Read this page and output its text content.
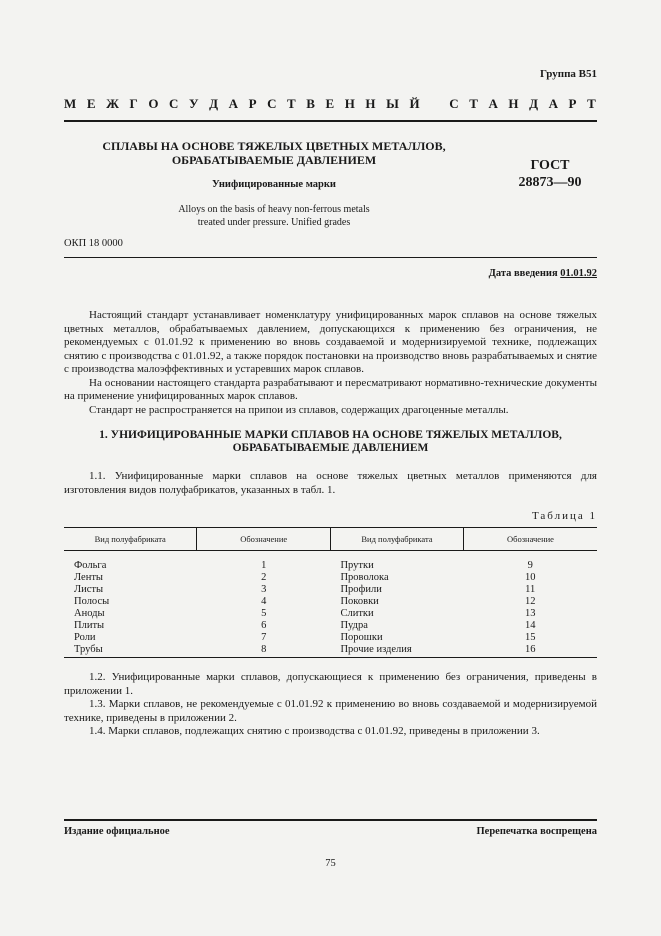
Группа В51
М Е Ж Г О С У Д А Р С Т В Е Н Н Ы Й С Т А Н Д А Р Т
СПЛАВЫ НА ОСНОВЕ ТЯЖЕЛЫХ ЦВЕТНЫХ МЕТАЛЛОВ,
ОБРАБАТЫВАЕМЫЕ ДАВЛЕНИЕМ
Унифицированные марки
Alloys on the basis of heavy non-ferrous metals
treated under pressure. Unified grades
ГОСТ
28873—90
ОКП 18 0000
Дата введения 01.01.92

Настоящий стандарт устанавливает номенклатуру унифицированных марок сплавов на основе тяжелых цветных металлов, обрабатываемых давлением, допускающихся к применению без ограничения, не рекомендуемых с 01.01.92 к применению во вновь создаваемой и модернизируемой технике, подлежащих снятию с производства с 01.01.92, а также порядок постановки на производство вновь разрабатываемых и снятие с производства малоэффективных и устаревших марок сплавов.

На основании настоящего стандарта разрабатывают и пересматривают нормативно-технические документы на применение унифицированных марок сплавов.

Стандарт не распространяется на припои из сплавов, содержащих драгоценные металлы.

1. УНИФИЦИРОВАННЫЕ МАРКИ СПЛАВОВ НА ОСНОВЕ ТЯЖЕЛЫХ МЕТАЛЛОВ,
ОБРАБАТЫВАЕМЫЕ ДАВЛЕНИЕМ

1.1. Унифицированные марки сплавов на основе тяжелых цветных металлов применяются для изготовления видов полуфабрикатов, указанных в табл. 1.

Таблица 1
Вид полуфабриката	Обозначение	Вид полуфабриката	Обозначение
Фольга	1	Прутки	9
Ленты	2	Проволока	10
Листы	3	Профили	11
Полосы	4	Поковки	12
Аноды	5	Слитки	13
Плиты	6	Пудра	14
Роли	7	Порошки	15
Трубы	8	Прочие изделия	16

1.2. Унифицированные марки сплавов, допускающиеся к применению без ограничения, приведены в приложении 1.

1.3. Марки сплавов, не рекомендуемые с 01.01.92 к применению во вновь создаваемой и модернизируемой технике, приведены в приложении 2.

1.4. Марки сплавов, подлежащих снятию с производства с 01.01.92, приведены в приложении 3.

Издание официальное	Перепечатка воспрещена
75
